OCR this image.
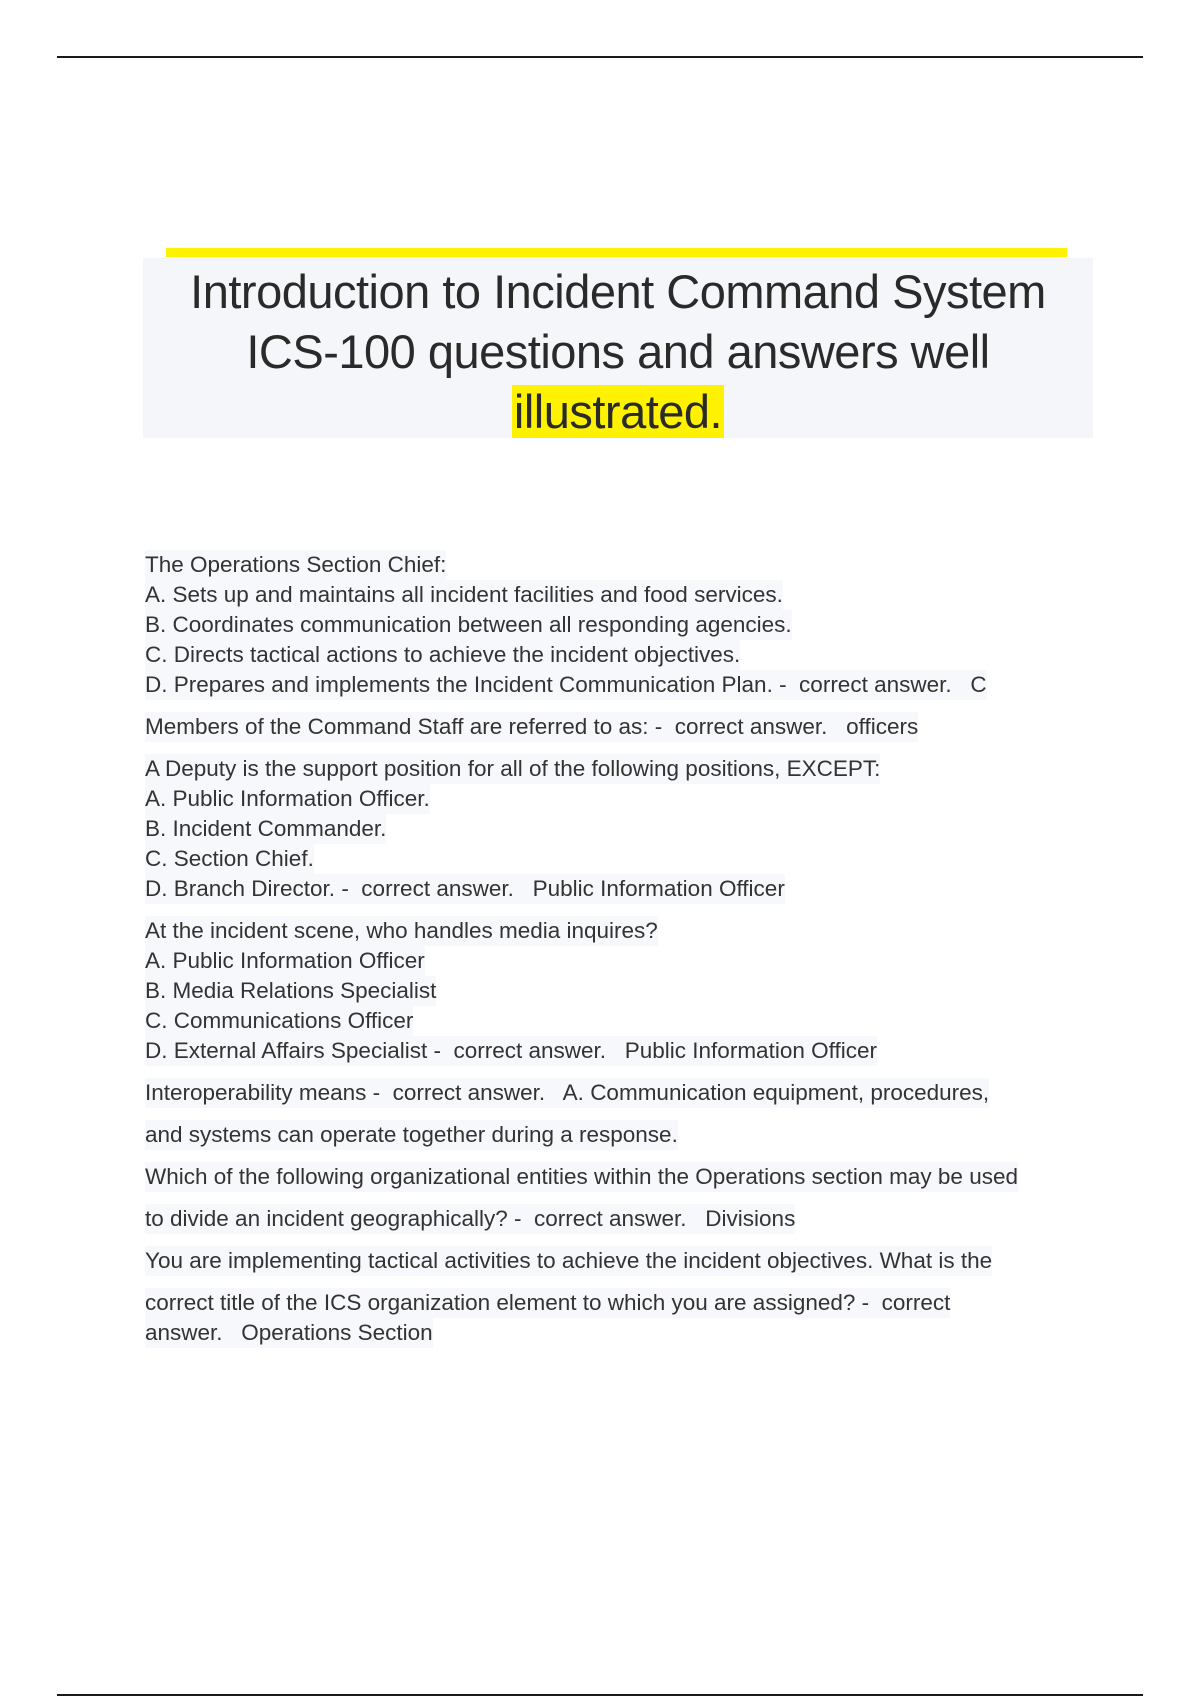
Introduction to Incident Command System
ICS-100 questions and answers well
illustrated.
The Operations Section Chief:
A. Sets up and maintains all incident facilities and food services.
B. Coordinates communication between all responding agencies.
C. Directs tactical actions to achieve the incident objectives.
D. Prepares and implements the Incident Communication Plan. -  correct answer.   C
Members of the Command Staff are referred to as: -  correct answer.   officers
A Deputy is the support position for all of the following positions, EXCEPT:
A. Public Information Officer.
B. Incident Commander.
C. Section Chief.
D. Branch Director. -  correct answer.   Public Information Officer
At the incident scene, who handles media inquires?
A. Public Information Officer
B. Media Relations Specialist
C. Communications Officer
D. External Affairs Specialist -  correct answer.   Public Information Officer
Interoperability means -  correct answer.   A. Communication equipment, procedures,
and systems can operate together during a response.
Which of the following organizational entities within the Operations section may be used
to divide an incident geographically? -  correct answer.   Divisions
You are implementing tactical activities to achieve the incident objectives. What is the
correct title of the ICS organization element to which you are assigned? -  correct
answer.   Operations Section
